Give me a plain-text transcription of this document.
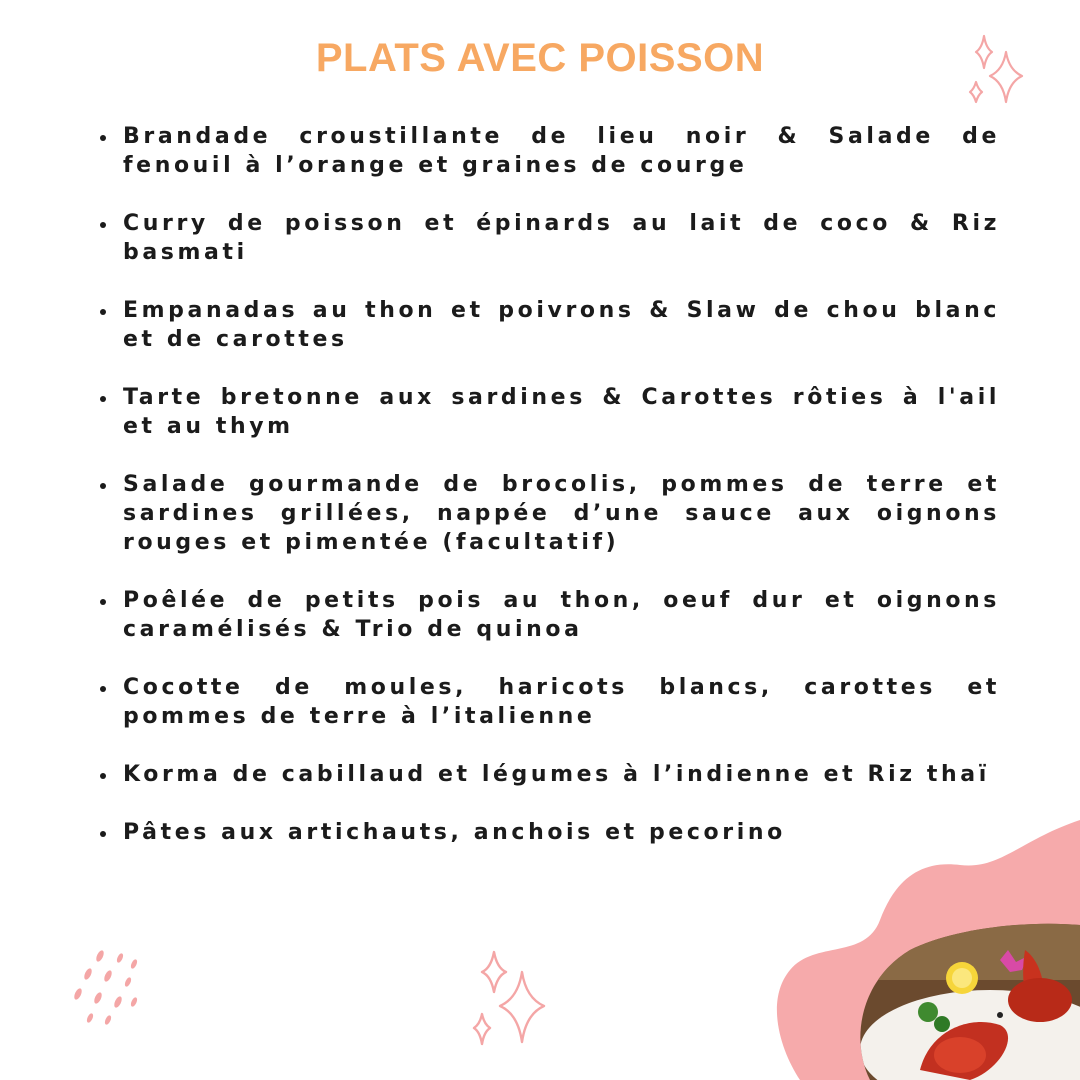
PLATS AVEC POISSON
Brandade croustillante de lieu noir & Salade de fenouil à l’orange et graines de courge
Curry de poisson et épinards au lait de coco & Riz basmati
Empanadas au thon et poivrons & Slaw de chou blanc et de carottes
Tarte bretonne aux sardines & Carottes rôties à l'ail et au thym
Salade gourmande de brocolis, pommes de terre et sardines grillées, nappée d’une sauce aux oignons rouges et pimentée (facultatif)
Poêlée de petits pois au thon, oeuf dur et oignons caramélisés & Trio de quinoa
Cocotte de moules, haricots blancs, carottes et pommes de terre à l’italienne
Korma de cabillaud et légumes à l’indienne et Riz thaï
Pâtes aux artichauts, anchois et pecorino
